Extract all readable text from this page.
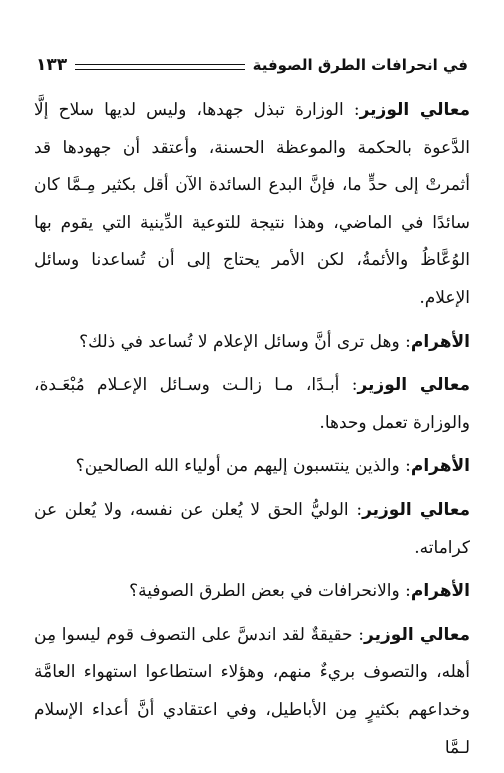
١٣٣	في انحرافات الطرق الصوفية

معالي الوزير: الوزارة تبذل جهدها، وليس لديها سلاح إلَّا الدَّعوة بالحكمة والموعظة الحسنة، وأعتقد أن جهودها قد أثمرتْ إلى حدٍّ ما، فإنَّ البدع السائدة الآن أقل بكثير مِـمَّا كان سائدًا في الماضي، وهذا نتيجة للتوعية الدِّينية التي يقوم بها الوُعَّاظُ والأئمةُ، لكن الأمر يحتاج إلى أن تُساعدنا وسائل الإعلام.

الأهرام: وهل ترى أنَّ وسائل الإعلام لا تُساعد في ذلك؟

معالي الوزير: أبـدًا، مـا زالـت وسـائل الإعـلام مُبْعَـدة، والوزارة تعمل وحدها.

الأهرام: والذين ينتسبون إليهم من أولياء الله الصالحين؟

معالي الوزير: الوليُّ الحق لا يُعلن عن نفسه، ولا يُعلن عن كراماته.

الأهرام: والانحرافات في بعض الطرق الصوفية؟

معالي الوزير: حقيقةٌ لقد اندسَّ على التصوف قوم ليسوا مِن أهله، والتصوف بريءٌ منهم، وهؤلاء استطاعوا استهواء العامَّة وخداعهم بكثيرٍ مِن الأباطيل، وفي اعتقادي أنَّ أعداء الإسلام لـمَّا
